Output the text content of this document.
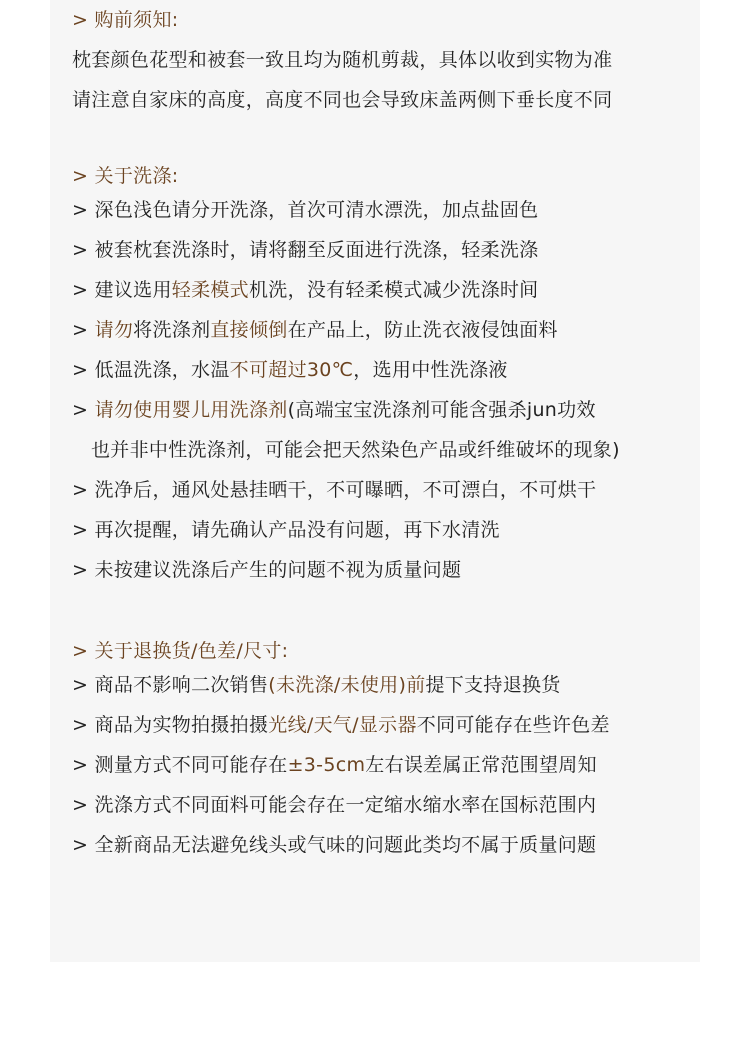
> 购前须知:
枕套颜色花型和被套一致且均为随机剪裁，具体以收到实物为准
请注意自家床的高度，高度不同也会导致床盖两侧下垂长度不同
> 关于洗涤:
> 深色浅色请分开洗涤，首次可清水漂洗，加点盐固色
> 被套枕套洗涤时，请将翻至反面进行洗涤，轻柔洗涤
> 建议选用轻柔模式机洗，没有轻柔模式减少洗涤时间
> 请勿将洗涤剂直接倾倒在产品上，防止洗衣液侵蚀面料
> 低温洗涤，水温不可超过30℃，选用中性洗涤液
> 请勿使用婴儿用洗涤剂(高端宝宝洗涤剂可能含强杀jun功效
也并非中性洗涤剂，可能会把天然染色产品或纤维破坏的现象)
> 洗净后，通风处悬挂晒干，不可曝晒，不可漂白，不可烘干
> 再次提醒，请先确认产品没有问题，再下水清洗
> 未按建议洗涤后产生的问题不视为质量问题
> 关于退换货/色差/尺寸:
> 商品不影响二次销售(未洗涤/未使用)前提下支持退换货
> 商品为实物拍摄拍摄光线/天气/显示器不同可能存在些许色差
> 测量方式不同可能存在±3-5cm左右误差属正常范围望周知
> 洗涤方式不同面料可能会存在一定缩水缩水率在国标范围内
> 全新商品无法避免线头或气味的问题此类均不属于质量问题
